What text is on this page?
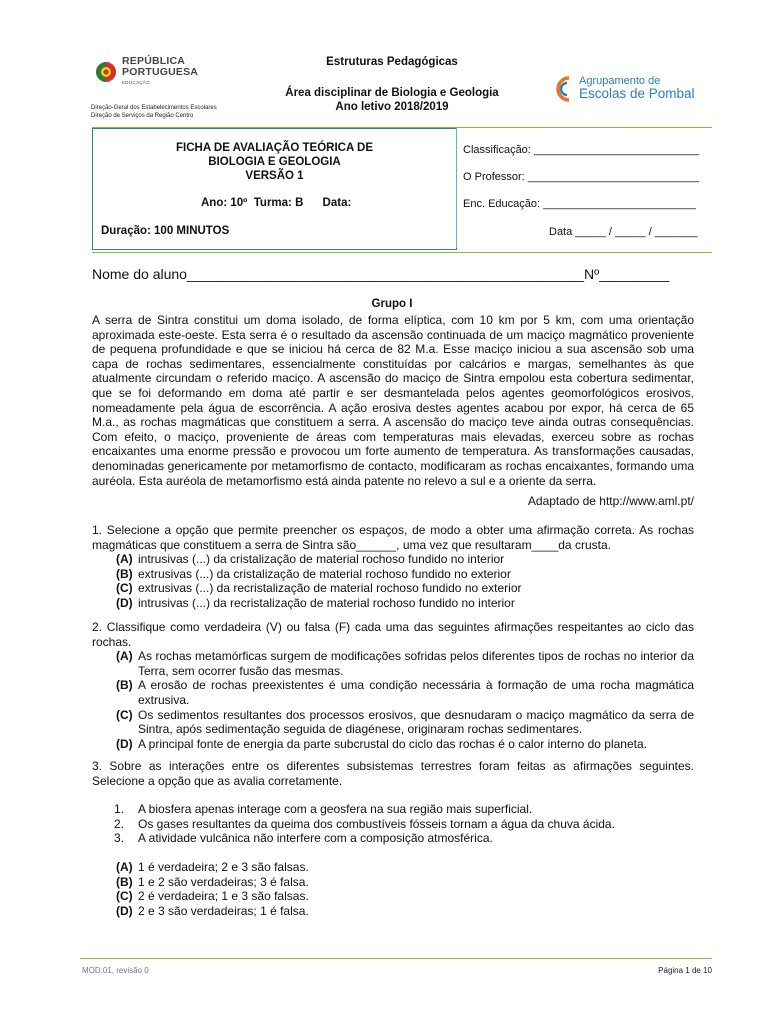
REPÚBLICA
PORTUGUESA
EDUCAÇÃO
Direção-Geral dos Estabelecimentos Escolares
Direção de Serviços da Região Centro
Estruturas Pedagógicas
Área disciplinar de Biologia e Geologia
Ano letivo 2018/2019
Agrupamento de
Escolas de Pombal
FICHA DE AVALIAÇÃO TEÓRICA DE
BIOLOGIA E GEOLOGIA
VERSÃO 1
Ano: 10º  Turma: B      Data:
Duração: 100 MINUTOS
Classificação: ___________________________
O Professor: ____________________________
Enc. Educação: _________________________
Data _____ / _____ / _______
Nome do aluno___________________________________________________Nº_________
Grupo I

A serra de Sintra constitui um doma isolado, de forma elíptica, com 10 km por 5 km, com uma orientação aproximada este-oeste. Esta serra é o resultado da ascensão continuada de um maciço magmático proveniente de pequena profundidade e que se iniciou há cerca de 82 M.a. Esse maciço iniciou a sua ascensão sob uma capa de rochas sedimentares, essencialmente constituídas por calcários e margas, semelhantes às que atualmente circundam o referido maciço. A ascensão do maciço de Sintra empolou esta cobertura sedimentar, que se foi deformando em doma até partir e ser desmantelada pelos agentes geomorfológicos erosivos, nomeadamente pela água de escorrência. A ação erosiva destes agentes acabou por expor, há cerca de 65 M.a., as rochas magmáticas que constituem a serra. A ascensão do maciço teve ainda outras consequências. Com efeito, o maciço, proveniente de áreas com temperaturas mais elevadas, exerceu sobre as rochas encaixantes uma enorme pressão e provocou um forte aumento de temperatura. As transformações causadas, denominadas genericamente por metamorfismo de contacto, modificaram as rochas encaixantes, formando uma auréola. Esta auréola de metamorfismo está ainda patente no relevo a sul e a oriente da serra.

Adaptado de http://www.aml.pt/
1. Selecione a opção que permite preencher os espaços, de modo a obter uma afirmação correta. As rochas magmáticas que constituem a serra de Sintra são______, uma vez que resultaram____da crusta.
(A) intrusivas (...) da cristalização de material rochoso fundido no interior
(B) extrusivas (...) da cristalização de material rochoso fundido no exterior
(C) extrusivas (...) da recristalização de material rochoso fundido no exterior
(D) intrusivas (...) da recristalização de material rochoso fundido no interior
2. Classifique como verdadeira (V) ou falsa (F) cada uma das seguintes afirmações respeitantes ao ciclo das rochas.
(A) As rochas metamórficas surgem de modificações sofridas pelos diferentes tipos de rochas no interior da Terra, sem ocorrer fusão das mesmas.
(B) A erosão de rochas preexistentes é uma condição necessária à formação de uma rocha magmática extrusiva.
(C) Os sedimentos resultantes dos processos erosivos, que desnudaram o maciço magmático da serra de Sintra, após sedimentação seguida de diagénese, originaram rochas sedimentares.
(D) A principal fonte de energia da parte subcrustal do ciclo das rochas é o calor interno do planeta.
3. Sobre as interações entre os diferentes subsistemas terrestres foram feitas as afirmações seguintes. Selecione a opção que as avalia corretamente.
1. A biosfera apenas interage com a geosfera na sua região mais superficial.
2. Os gases resultantes da queima dos combustíveis fósseis tornam a água da chuva ácida.
3. A atividade vulcânica não interfere com a composição atmosférica.
(A) 1 é verdadeira; 2 e 3 são falsas.
(B) 1 e 2 são verdadeiras; 3 é falsa.
(C) 2 é verdadeira; 1 e 3 são falsas.
(D) 2 e 3 são verdadeiras; 1 é falsa.
MOD.01, revisão 0	Página 1 de 10
